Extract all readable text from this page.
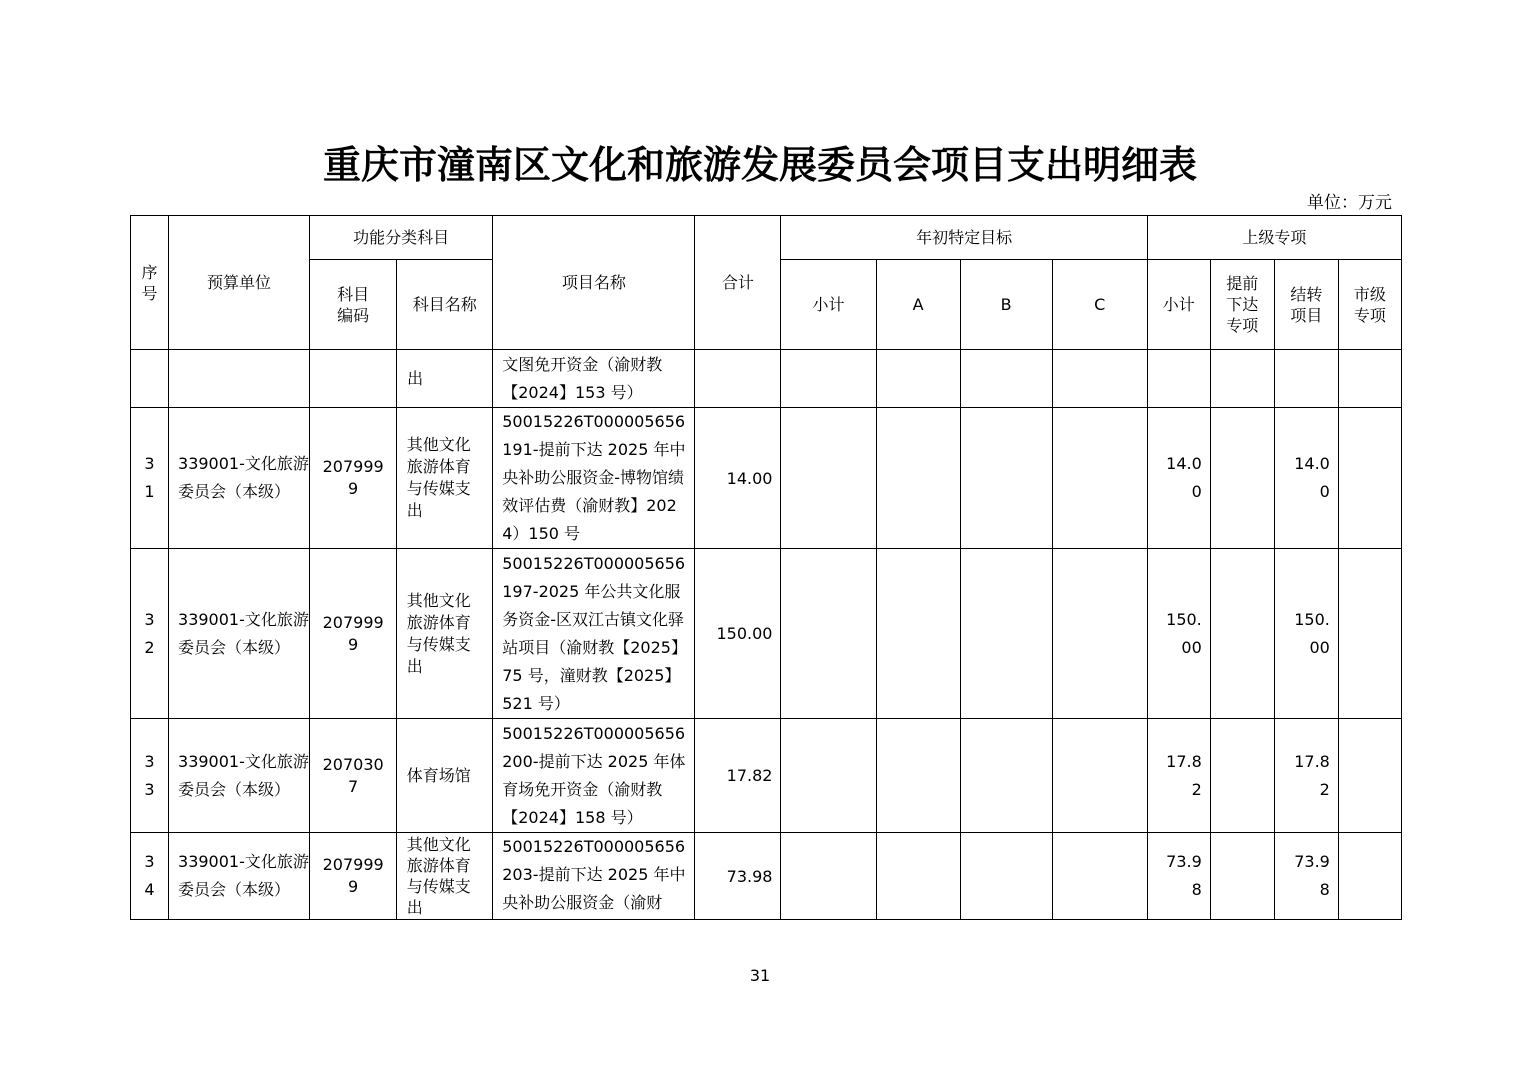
重庆市潼南区文化和旅游发展委员会项目支出明细表
单位：万元
序号	预算单位	功能分类科目		项目名称	合计	年初特定目标				上级专项			

		科目编码	科目名称			小计	A	B	C	小计	提前下达专项	结转项目	市级专项

			出	文图免开资金（渝财教【2024】153 号）									

31	339001-文化旅游委员会（本级）	2079999	其他文化旅游体育与传媒支出	50015226T000005656191-提前下达 2025 年中央补助公服资金-博物馆绩效评估费（渝财教】2024）150 号	14.00					14.00		14.00	

32	339001-文化旅游委员会（本级）	2079999	其他文化旅游体育与传媒支出	50015226T000005656197-2025 年公共文化服务资金-区双江古镇文化驿站项目（渝财教【2025】75 号，潼财教【2025】521 号）	150.00					150.00		150.00	

33	339001-文化旅游委员会（本级）	2070307	体育场馆	50015226T000005656200-提前下达 2025 年体育场免开资金（渝财教【2024】158 号）	17.82					17.82		17.82	

34	339001-文化旅游委员会（本级）	2079999	其他文化旅游体育与传媒支出	50015226T000005656203-提前下达 2025 年中央补助公服资金（渝财	73.98					73.98		73.98	

31
